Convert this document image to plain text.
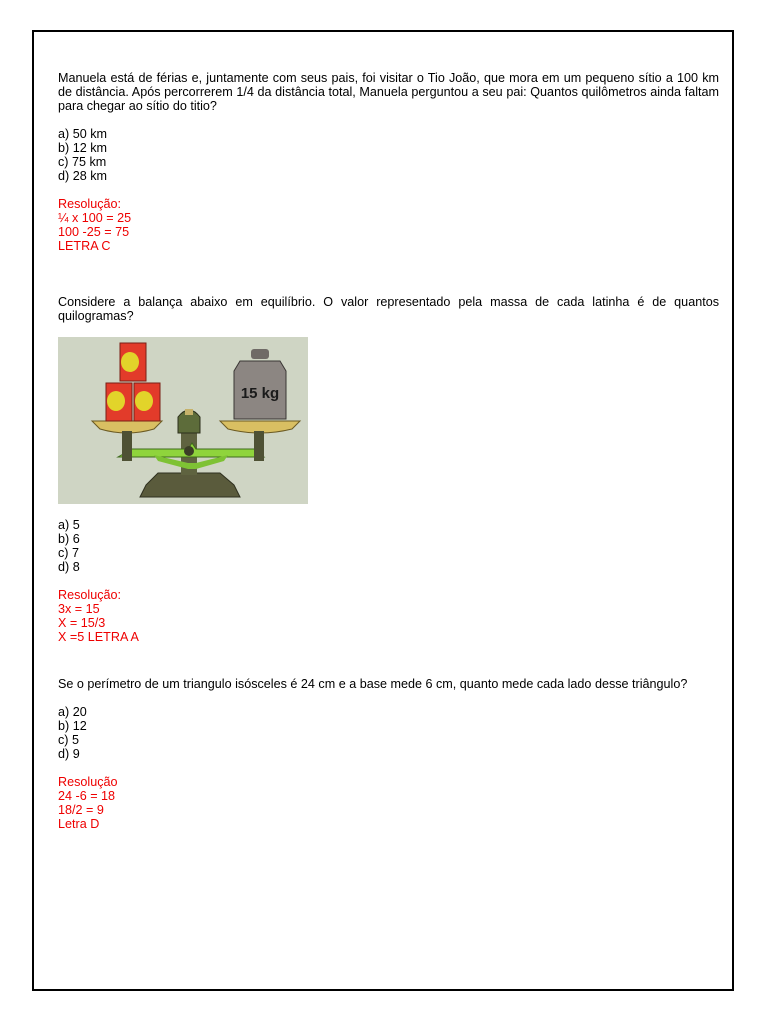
Manuela está de férias e, juntamente com seus pais, foi visitar o Tio João, que mora em um pequeno sítio a 100 km de distância. Após percorrerem 1/4 da distância total, Manuela perguntou a seu pai: Quantos quilômetros ainda faltam para chegar ao sítio do titio?

a) 50 km
b) 12 km
c) 75 km
d) 28 km
Resolução:
¼ x 100 = 25
100 -25 = 75
LETRA C

Considere a balança abaixo em equilíbrio. O valor representado pela massa de cada latinha é de quantos quilogramas?

15 kg
a) 5
b) 6
c) 7
d) 8
Resolução:
3x = 15
X = 15/3
X =5 LETRA A

Se o perímetro de um triangulo isósceles é 24 cm e a base mede 6 cm, quanto mede cada lado desse triângulo?

a) 20
b) 12
c) 5
d) 9
Resolução
24 -6 = 18
18/2 = 9
Letra D
